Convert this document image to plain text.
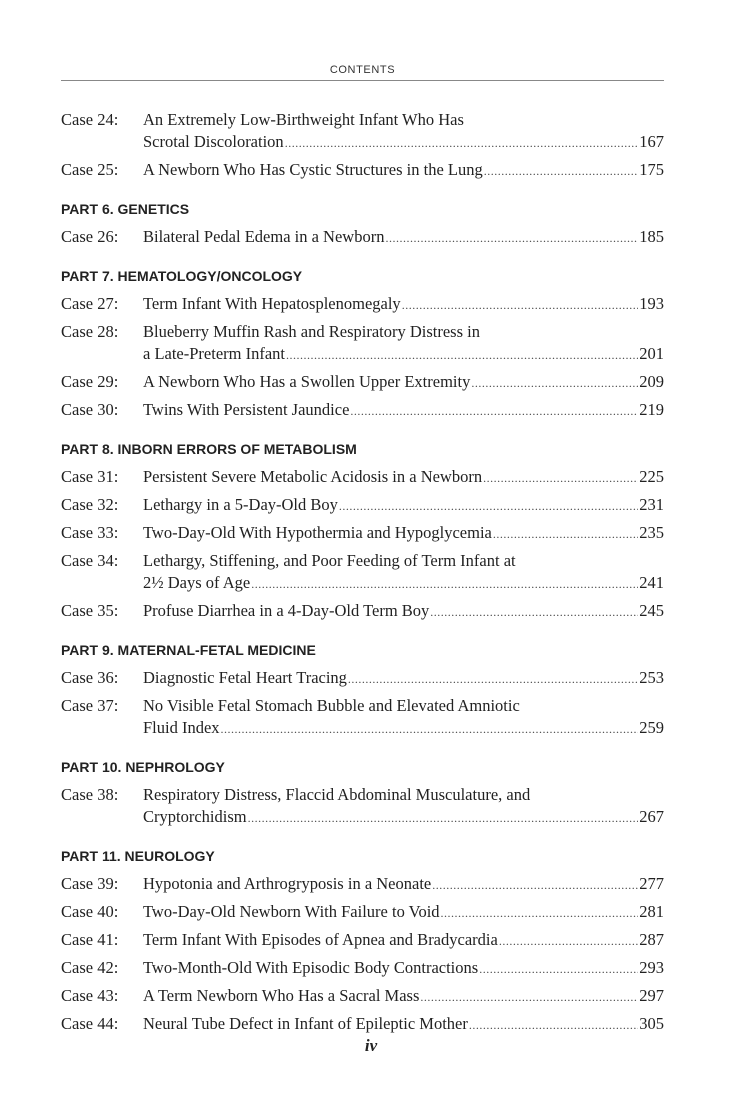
CONTENTS
Case 24: An Extremely Low-Birthweight Infant Who Has
Scrotal Discoloration .....	167
Case 25: A Newborn Who Has Cystic Structures in the Lung .....	175
PART 6. GENETICS
Case 26: Bilateral Pedal Edema in a Newborn .....	185
PART 7. HEMATOLOGY/ONCOLOGY
Case 27: Term Infant With Hepatosplenomegaly .....	193
Case 28: Blueberry Muffin Rash and Respiratory Distress in
a Late-Preterm Infant .....	201
Case 29: A Newborn Who Has a Swollen Upper Extremity .....	209
Case 30: Twins With Persistent Jaundice .....	219
PART 8. INBORN ERRORS OF METABOLISM
Case 31: Persistent Severe Metabolic Acidosis in a Newborn .....	225
Case 32: Lethargy in a 5-Day-Old Boy .....	231
Case 33: Two-Day-Old With Hypothermia and Hypoglycemia .....	235
Case 34: Lethargy, Stiffening, and Poor Feeding of Term Infant at
2½ Days of Age .....	241
Case 35: Profuse Diarrhea in a 4-Day-Old Term Boy .....	245
PART 9. MATERNAL-FETAL MEDICINE
Case 36: Diagnostic Fetal Heart Tracing .....	253
Case 37: No Visible Fetal Stomach Bubble and Elevated Amniotic
Fluid Index .....	259
PART 10. NEPHROLOGY
Case 38: Respiratory Distress, Flaccid Abdominal Musculature, and
Cryptorchidism .....	267
PART 11. NEUROLOGY
Case 39: Hypotonia and Arthrogryposis in a Neonate .....	277
Case 40: Two-Day-Old Newborn With Failure to Void .....	281
Case 41: Term Infant With Episodes of Apnea and Bradycardia .....	287
Case 42: Two-Month-Old With Episodic Body Contractions .....	293
Case 43: A Term Newborn Who Has a Sacral Mass .....	297
Case 44: Neural Tube Defect in Infant of Epileptic Mother .....	305
iv
